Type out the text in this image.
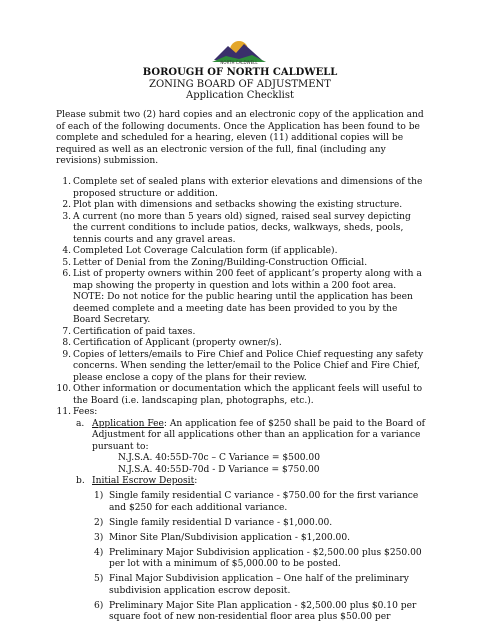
NORTH CALDWELL
BOROUGH OF NORTH CALDWELL
ZONING BOARD OF ADJUSTMENT
Application Checklist
Please submit two (2) hard copies and an electronic copy of the application and of each of the following documents. Once the Application has been found to be complete and scheduled for a hearing, eleven (11) additional copies will be required as well as an electronic version of the full, final (including any revisions) submission.
1. Complete set of sealed plans with exterior elevations and dimensions of the proposed structure or addition.
2. Plot plan with dimensions and setbacks showing the existing structure.
3. A current (no more than 5 years old) signed, raised seal survey depicting the current conditions to include patios, decks, walkways, sheds, pools, tennis courts and any gravel areas.
4. Completed Lot Coverage Calculation form (if applicable).
5. Letter of Denial from the Zoning/Building-Construction Official.
6. List of property owners within 200 feet of applicant’s property along with a map showing the property in question and lots within a 200 foot area. NOTE: Do not notice for the public hearing until the application has been deemed complete and a meeting date has been provided to you by the Board Secretary.
7. Certification of paid taxes.
8. Certification of Applicant (property owner/s).
9. Copies of letters/emails to Fire Chief and Police Chief requesting any safety concerns. When sending the letter/email to the Police Chief and Fire Chief, please enclose a copy of the plans for their review.
10. Other information or documentation which the applicant feels will useful to the Board (i.e. landscaping plan, photographs, etc.).
11. Fees:
a. Application Fee: An application fee of $250 shall be paid to the Board of Adjustment for all applications other than an application for a variance pursuant to:
N.J.S.A. 40:55D-70c – C Variance = $500.00
N.J.S.A. 40:55D-70d - D Variance = $750.00
b. Initial Escrow Deposit:
1) Single family residential C variance - $750.00 for the first variance and $250 for each additional variance.
2) Single family residential D variance - $1,000.00.
3) Minor Site Plan/Subdivision application - $1,200.00.
4) Preliminary Major Subdivision application - $2,500.00 plus $250.00 per lot with a minimum of $5,000.00 to be posted.
5) Final Major Subdivision application – One half of the preliminary subdivision application escrow deposit.
6) Preliminary Major Site Plan application - $2,500.00 plus $0.10 per square foot of new non-residential floor area plus $50.00 per
